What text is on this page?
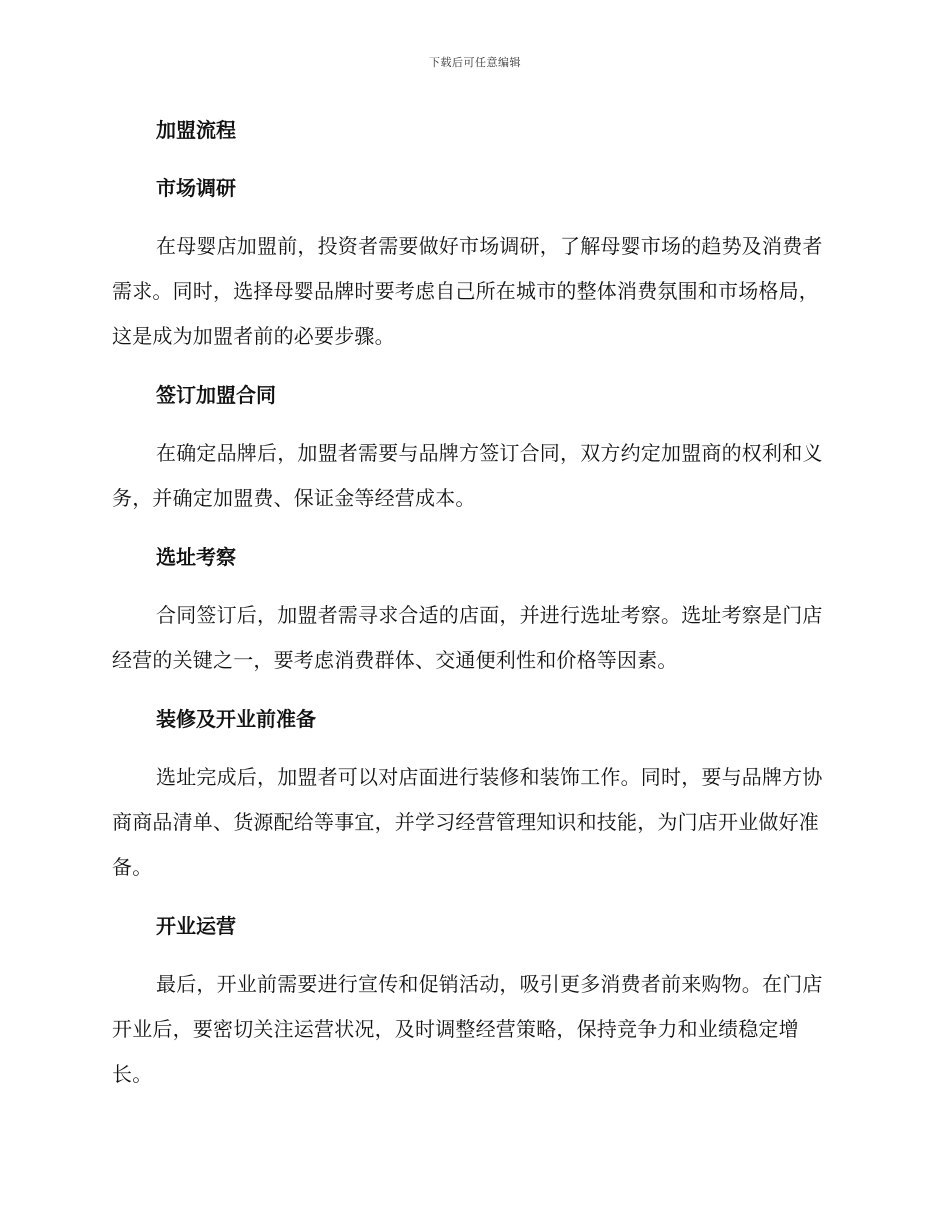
下载后可任意编辑
加盟流程
市场调研

在母婴店加盟前，投资者需要做好市场调研，了解母婴市场的趋势及消费者需求。同时，选择母婴品牌时要考虑自己所在城市的整体消费氛围和市场格局，这是成为加盟者前的必要步骤。

签订加盟合同

在确定品牌后，加盟者需要与品牌方签订合同，双方约定加盟商的权利和义务，并确定加盟费、保证金等经营成本。

选址考察

合同签订后，加盟者需寻求合适的店面，并进行选址考察。选址考察是门店经营的关键之一，要考虑消费群体、交通便利性和价格等因素。

装修及开业前准备

选址完成后，加盟者可以对店面进行装修和装饰工作。同时，要与品牌方协商商品清单、货源配给等事宜，并学习经营管理知识和技能，为门店开业做好准备。

开业运营

最后，开业前需要进行宣传和促销活动，吸引更多消费者前来购物。在门店开业后，要密切关注运营状况，及时调整经营策略，保持竞争力和业绩稳定增长。
